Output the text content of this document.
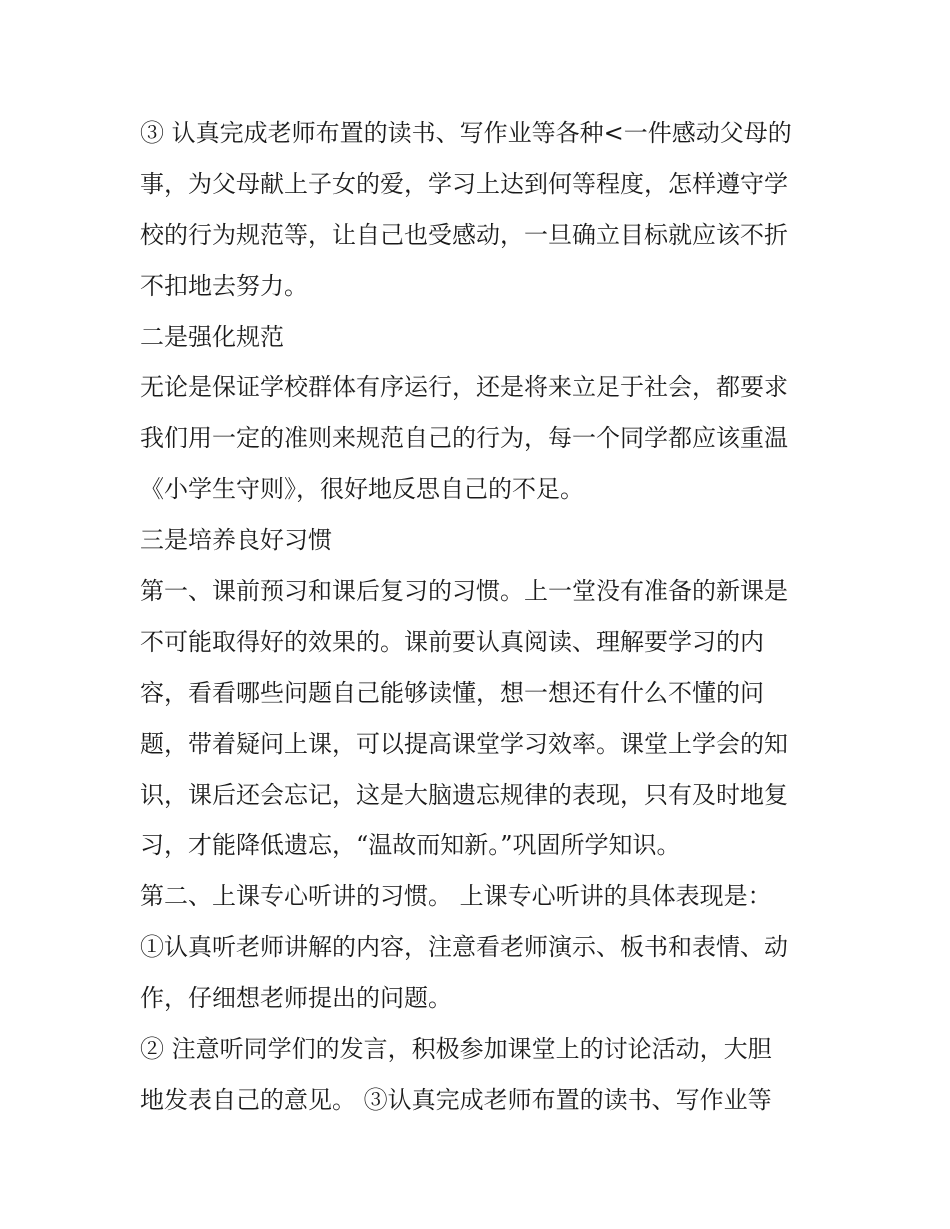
③ 认真完成老师布置的读书、写作业等各种<一件感动父母的
事，为父母献上子女的爱，学习上达到何等程度，怎样遵守学
校的行为规范等，让自己也受感动，一旦确立目标就应该不折
不扣地去努力。
二是强化规范
无论是保证学校群体有序运行，还是将来立足于社会，都要求
我们用一定的准则来规范自己的行为，每一个同学都应该重温
《小学生守则》，很好地反思自己的不足。
三是培养良好习惯
第一、课前预习和课后复习的习惯。上一堂没有准备的新课是
不可能取得好的效果的。课前要认真阅读、理解要学习的内
容，看看哪些问题自己能够读懂，想一想还有什么不懂的问
题，带着疑问上课，可以提高课堂学习效率。课堂上学会的知
识，课后还会忘记，这是大脑遗忘规律的表现，只有及时地复
习，才能降低遗忘，“温故而知新。”巩固所学知识。
第二、上课专心听讲的习惯。 上课专心听讲的具体表现是：
①认真听老师讲解的内容，注意看老师演示、板书和表情、动
作，仔细想老师提出的问题。
② 注意听同学们的发言，积极参加课堂上的讨论活动，大胆
地发表自己的意见。 ③认真完成老师布置的读书、写作业等
